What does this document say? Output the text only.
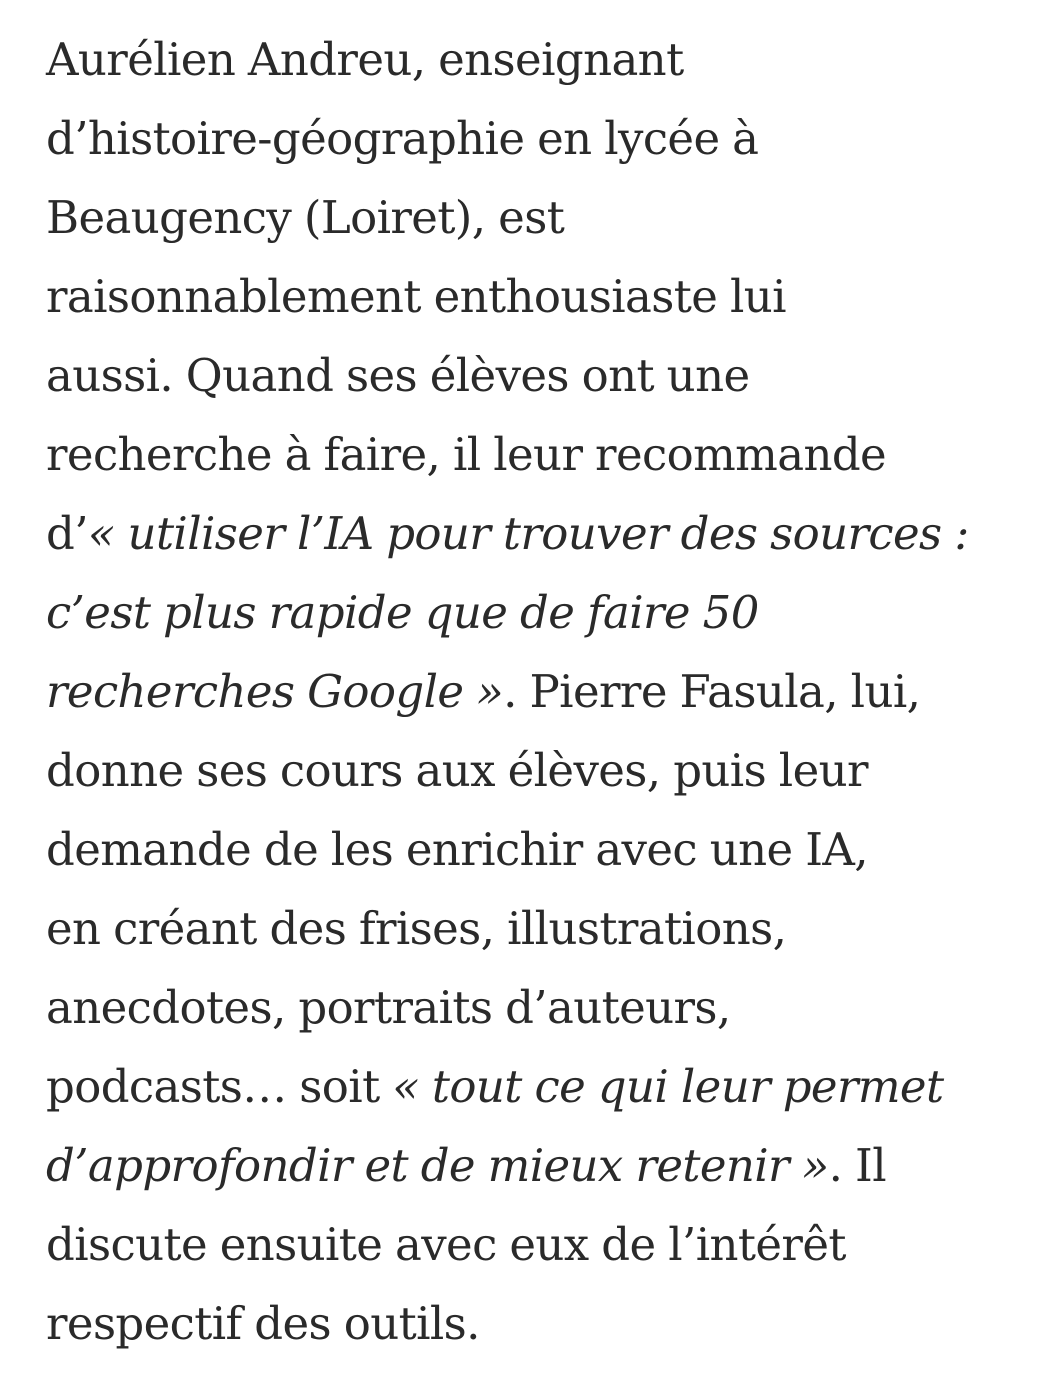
Aurélien Andreu, enseignant
d’histoire-géographie en lycée à
Beaugency (Loiret), est
raisonnablement enthousiaste lui
aussi. Quand ses élèves ont une
recherche à faire, il leur recommande
d’« utiliser l’IA pour trouver des sources :
c’est plus rapide que de faire 50
recherches Google ». Pierre Fasula, lui,
donne ses cours aux élèves, puis leur
demande de les enrichir avec une IA,
en créant des frises, illustrations,
anecdotes, portraits d’auteurs,
podcasts… soit « tout ce qui leur permet
d’approfondir et de mieux retenir ». Il
discute ensuite avec eux de l’intérêt
respectif des outils.
